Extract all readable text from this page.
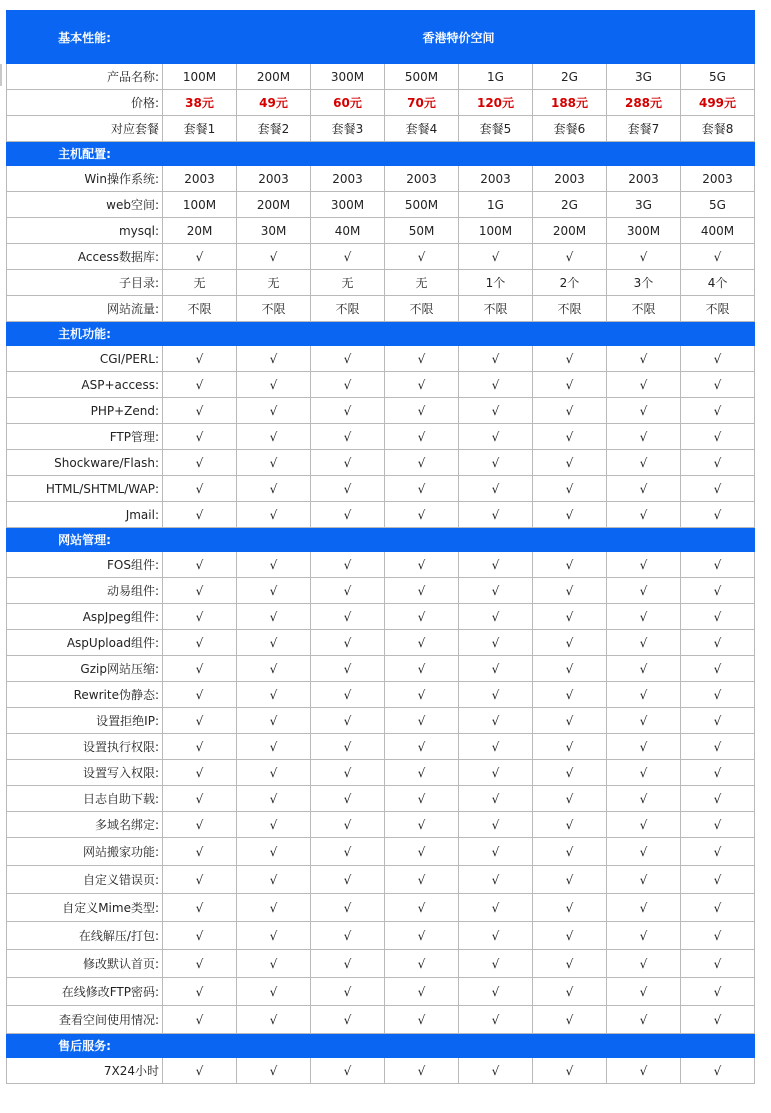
基本性能:	香港特价空间							
产品名称:	100M	200M	300M	500M	1G	2G	3G	5G
价格:	38元	49元	60元	70元	120元	188元	288元	499元
对应套餐	套餐1	套餐2	套餐3	套餐4	套餐5	套餐6	套餐7	套餐8
主机配置:								
Win操作系统:	2003	2003	2003	2003	2003	2003	2003	2003
web空间:	100M	200M	300M	500M	1G	2G	3G	5G
mysql:	20M	30M	40M	50M	100M	200M	300M	400M
Access数据库:	√	√	√	√	√	√	√	√
子目录:	无	无	无	无	1个	2个	3个	4个
网站流量:	不限	不限	不限	不限	不限	不限	不限	不限
主机功能:								
CGI/PERL:	√	√	√	√	√	√	√	√
ASP+access:	√	√	√	√	√	√	√	√
PHP+Zend:	√	√	√	√	√	√	√	√
FTP管理:	√	√	√	√	√	√	√	√
Shockware/Flash:	√	√	√	√	√	√	√	√
HTML/SHTML/WAP:	√	√	√	√	√	√	√	√
Jmail:	√	√	√	√	√	√	√	√
网站管理:								
FOS组件:	√	√	√	√	√	√	√	√
动易组件:	√	√	√	√	√	√	√	√
AspJpeg组件:	√	√	√	√	√	√	√	√
AspUpload组件:	√	√	√	√	√	√	√	√
Gzip网站压缩:	√	√	√	√	√	√	√	√
Rewrite伪静态:	√	√	√	√	√	√	√	√
设置拒绝IP:	√	√	√	√	√	√	√	√
设置执行权限:	√	√	√	√	√	√	√	√
设置写入权限:	√	√	√	√	√	√	√	√
日志自助下载:	√	√	√	√	√	√	√	√
多域名绑定:	√	√	√	√	√	√	√	√
网站搬家功能:	√	√	√	√	√	√	√	√
自定义错误页:	√	√	√	√	√	√	√	√
自定义Mime类型:	√	√	√	√	√	√	√	√
在线解压/打包:	√	√	√	√	√	√	√	√
修改默认首页:	√	√	√	√	√	√	√	√
在线修改FTP密码:	√	√	√	√	√	√	√	√
查看空间使用情况:	√	√	√	√	√	√	√	√
售后服务:								
7X24小时	√	√	√	√	√	√	√	√
